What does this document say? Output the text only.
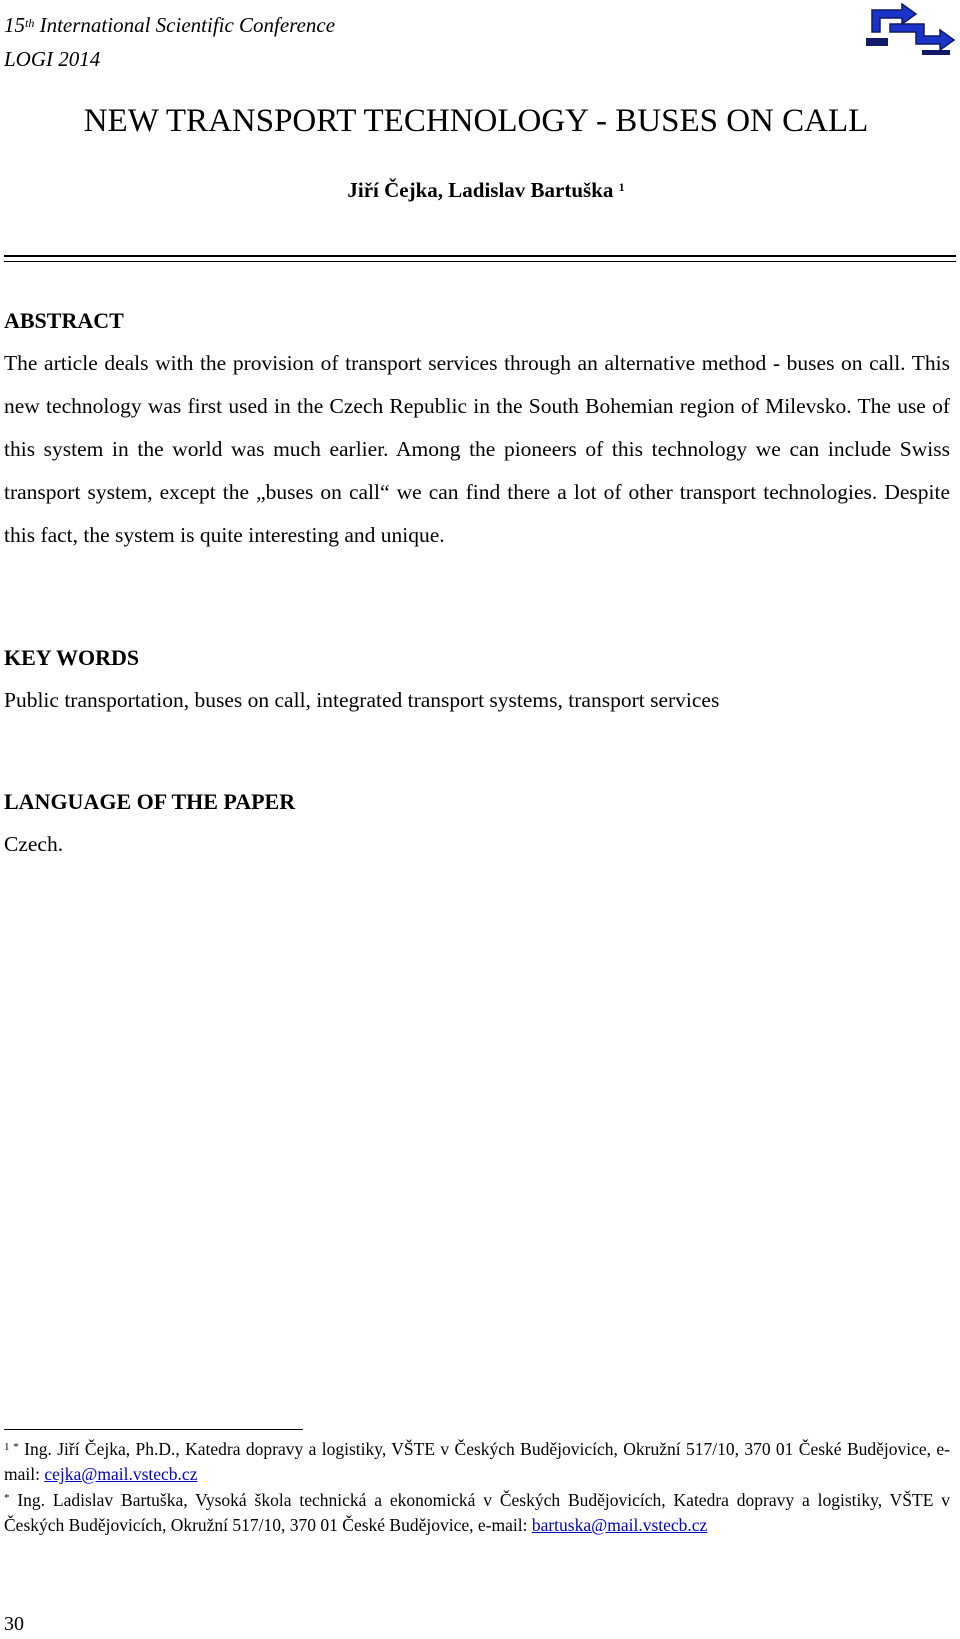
15th International Scientific Conference
LOGI 2014
NEW TRANSPORT TECHNOLOGY - BUSES ON CALL
Jiří Čejka, Ladislav Bartuška $^1$
ABSTRACT

The article deals with the provision of transport services through an alternative method - buses on call. This new technology was first used in the Czech Republic in the South Bohemian region of Milevsko. The use of this system in the world was much earlier. Among the pioneers of this technology we can include Swiss transport system, except the „buses on call“ we can find there a lot of other transport technologies. Despite this fact, the system is quite interesting and unique.

KEY WORDS
Public transportation, buses on call, integrated transport systems, transport services
LANGUAGE OF THE PAPER
Czech.

$^{1 *}$ Ing. Jiří Čejka, Ph.D., Katedra dopravy a logistiky, VŠTE v Českých Budějovicích, Okružní 517/10, 370 01 České Budějovice, e-mail: cejka@mail.vstecb.cz

* Ing. Ladislav Bartuška, Vysoká škola technická a ekonomická v Českých Budějovicích, Katedra dopravy a logistiky, VŠTE v Českých Budějovicích, Okružní 517/10, 370 01 České Budějovice, e-mail: bartuska@mail.vstecb.cz

30
